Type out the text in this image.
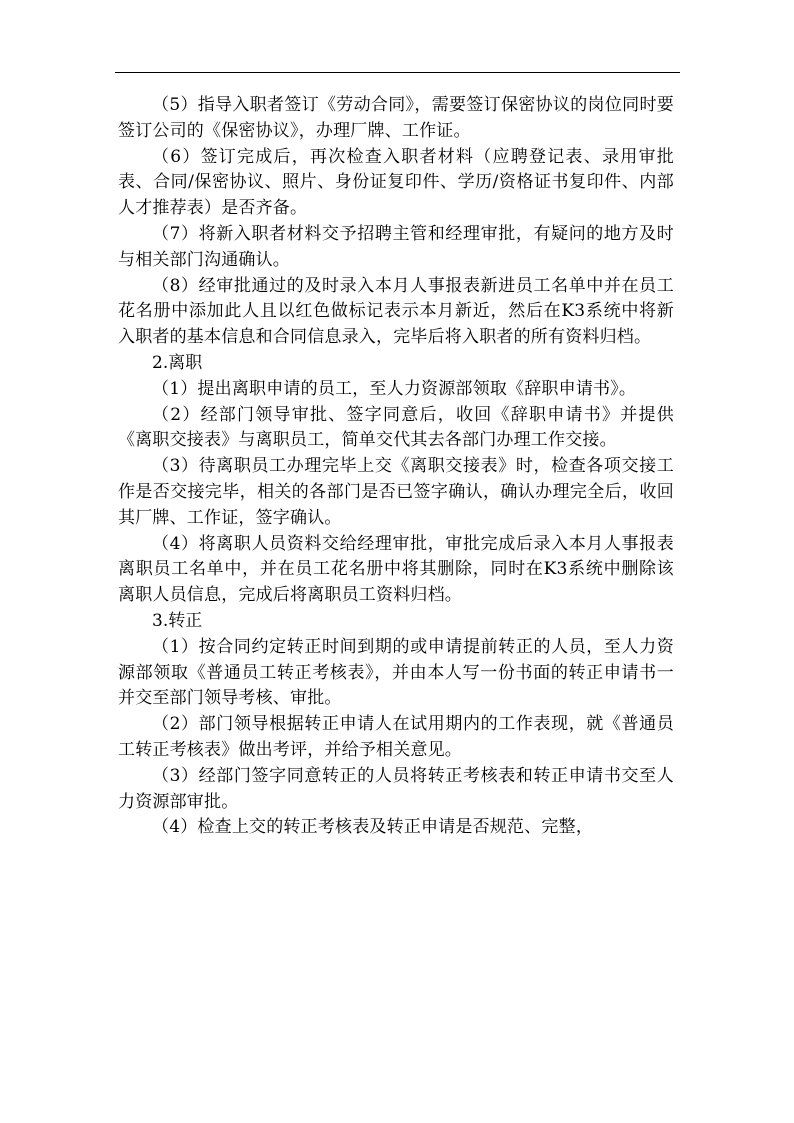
（5）指导入职者签订《劳动合同》，需要签订保密协议的岗位同时要签订公司的《保密协议》，办理厂牌、工作证。

（6）签订完成后，再次检查入职者材料（应聘登记表、录用审批表、合同/保密协议、照片、身份证复印件、学历/资格证书复印件、内部人才推荐表）是否齐备。

（7）将新入职者材料交予招聘主管和经理审批，有疑问的地方及时与相关部门沟通确认。

（8）经审批通过的及时录入本月人事报表新进员工名单中并在员工花名册中添加此人且以红色做标记表示本月新近，然后在K3系统中将新入职者的基本信息和合同信息录入，完毕后将入职者的所有资料归档。

2.离职

（1）提出离职申请的员工，至人力资源部领取《辞职申请书》。

（2）经部门领导审批、签字同意后，收回《辞职申请书》并提供《离职交接表》与离职员工，简单交代其去各部门办理工作交接。

（3）待离职员工办理完毕上交《离职交接表》时，检查各项交接工作是否交接完毕，相关的各部门是否已签字确认，确认办理完全后，收回其厂牌、工作证，签字确认。

（4）将离职人员资料交给经理审批，审批完成后录入本月人事报表离职员工名单中，并在员工花名册中将其删除，同时在K3系统中删除该离职人员信息，完成后将离职员工资料归档。

3.转正

（1）按合同约定转正时间到期的或申请提前转正的人员，至人力资源部领取《普通员工转正考核表》，并由本人写一份书面的转正申请书一并交至部门领导考核、审批。

（2）部门领导根据转正申请人在试用期内的工作表现，就《普通员工转正考核表》做出考评，并给予相关意见。

（3）经部门签字同意转正的人员将转正考核表和转正申请书交至人力资源部审批。

（4）检查上交的转正考核表及转正申请是否规范、完整，
